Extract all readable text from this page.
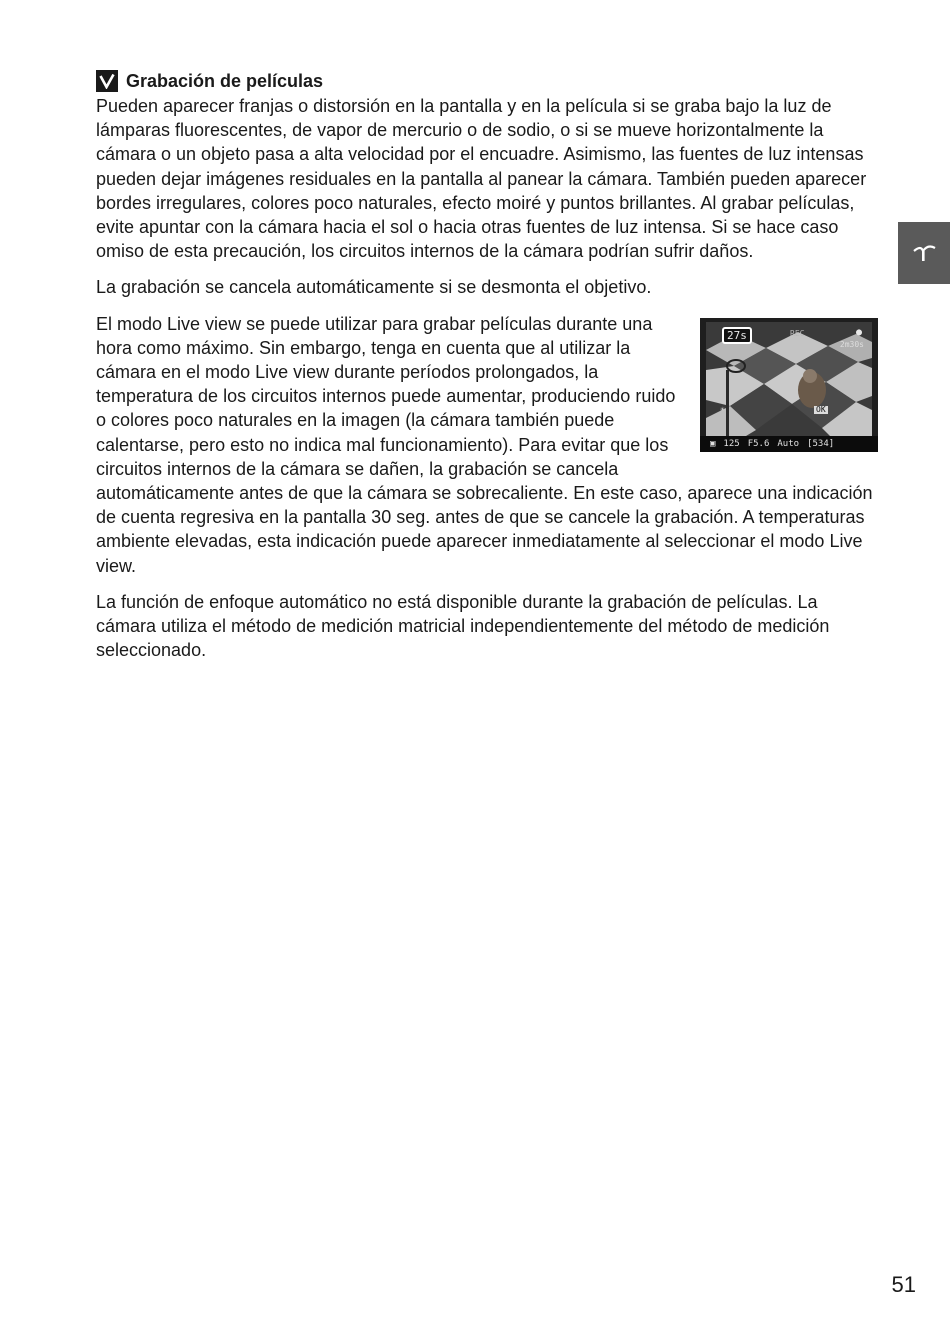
Grabación de películas

Pueden aparecer franjas o distorsión en la pantalla y en la película si se graba bajo la luz de lámparas fluorescentes, de vapor de mercurio o de sodio, o si se mueve horizontalmente la cámara o un objeto pasa a alta velocidad por el encuadre. Asimismo, las fuentes de luz intensas pueden dejar imágenes residuales en la pantalla al panear la cámara. También pueden aparecer bordes irregulares, colores poco naturales, efecto moiré y puntos brillantes. Al grabar películas, evite apuntar con la cámara hacia el sol o hacia otras fuentes de luz intensa. Si se hace caso omiso de esta precaución, los circuitos internos de la cámara podrían sufrir daños.

La grabación se cancela automáticamente si se desmonta el objetivo.

27s	REC	●
2m30s
☀	OK
▣ 125 F5.6 Auto [534]

El modo Live view se puede utilizar para grabar películas durante una hora como máximo. Sin embargo, tenga en cuenta que al utilizar la cámara en el modo Live view durante períodos prolongados, la temperatura de los circuitos internos puede aumentar, produciendo ruido o colores poco naturales en la imagen (la cámara también puede calentarse, pero esto no indica mal funcionamiento). Para evitar que los circuitos internos de la cámara se dañen, la grabación se cancela automáticamente antes de que la cámara se sobrecaliente. En este caso, aparece una indicación de cuenta regresiva en la pantalla 30 seg. antes de que se cancele la grabación. A temperaturas ambiente elevadas, esta indicación puede aparecer inmediatamente al seleccionar el modo Live view.

La función de enfoque automático no está disponible durante la grabación de películas. La cámara utiliza el método de medición matricial independientemente del método de medición seleccionado.

51
